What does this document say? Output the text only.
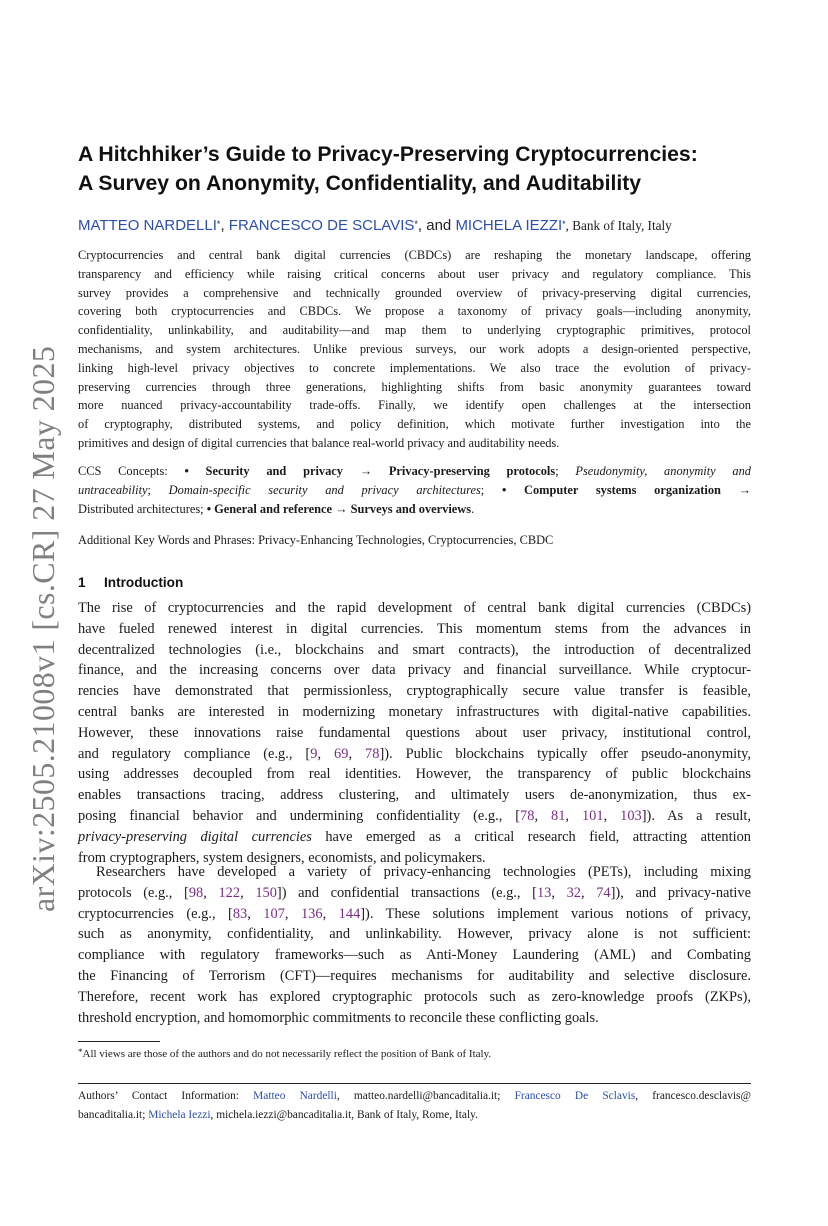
arXiv:2505.21008v1 [cs.CR] 27 May 2025
A Hitchhiker’s Guide to Privacy-Preserving Cryptocurrencies:
A Survey on Anonymity, Confidentiality, and Auditability
MATTEO NARDELLI*, FRANCESCO DE SCLAVIS*, and MICHELA IEZZI*, Bank of Italy, Italy
Cryptocurrencies and central bank digital currencies (CBDCs) are reshaping the monetary landscape, offering
transparency and efficiency while raising critical concerns about user privacy and regulatory compliance. This
survey provides a comprehensive and technically grounded overview of privacy-preserving digital currencies,
covering both cryptocurrencies and CBDCs. We propose a taxonomy of privacy goals—including anonymity,
confidentiality, unlinkability, and auditability—and map them to underlying cryptographic primitives, protocol
mechanisms, and system architectures. Unlike previous surveys, our work adopts a design-oriented perspective,
linking high-level privacy objectives to concrete implementations. We also trace the evolution of privacy-
preserving currencies through three generations, highlighting shifts from basic anonymity guarantees toward
more nuanced privacy-accountability trade-offs. Finally, we identify open challenges at the intersection
of cryptography, distributed systems, and policy definition, which motivate further investigation into the
primitives and design of digital currencies that balance real-world privacy and auditability needs.
CCS Concepts: • Security and privacy → Privacy-preserving protocols; Pseudonymity, anonymity and
untraceability; Domain-specific security and privacy architectures; • Computer systems organization →
Distributed architectures; • General and reference → Surveys and overviews.
Additional Key Words and Phrases: Privacy-Enhancing Technologies, Cryptocurrencies, CBDC
1 Introduction
The rise of cryptocurrencies and the rapid development of central bank digital currencies (CBDCs)
have fueled renewed interest in digital currencies. This momentum stems from the advances in
decentralized technologies (i.e., blockchains and smart contracts), the introduction of decentralized
finance, and the increasing concerns over data privacy and financial surveillance. While cryptocur-
rencies have demonstrated that permissionless, cryptographically secure value transfer is feasible,
central banks are interested in modernizing monetary infrastructures with digital-native capabilities.
However, these innovations raise fundamental questions about user privacy, institutional control,
and regulatory compliance (e.g., [9, 69, 78]). Public blockchains typically offer pseudo-anonymity,
using addresses decoupled from real identities. However, the transparency of public blockchains
enables transactions tracing, address clustering, and ultimately users de-anonymization, thus ex-
posing financial behavior and undermining confidentiality (e.g., [78, 81, 101, 103]). As a result,
privacy-preserving digital currencies have emerged as a critical research field, attracting attention
from cryptographers, system designers, economists, and policymakers.
Researchers have developed a variety of privacy-enhancing technologies (PETs), including mixing
protocols (e.g., [98, 122, 150]) and confidential transactions (e.g., [13, 32, 74]), and privacy-native
cryptocurrencies (e.g., [83, 107, 136, 144]). These solutions implement various notions of privacy,
such as anonymity, confidentiality, and unlinkability. However, privacy alone is not sufficient:
compliance with regulatory frameworks—such as Anti-Money Laundering (AML) and Combating
the Financing of Terrorism (CFT)—requires mechanisms for auditability and selective disclosure.
Therefore, recent work has explored cryptographic protocols such as zero-knowledge proofs (ZKPs),
threshold encryption, and homomorphic commitments to reconcile these conflicting goals.
*All views are those of the authors and do not necessarily reflect the position of Bank of Italy.
Authors’ Contact Information: Matteo Nardelli, matteo.nardelli@bancaditalia.it; Francesco De Sclavis, francesco.desclavis@
bancaditalia.it; Michela Iezzi, michela.iezzi@bancaditalia.it, Bank of Italy, Rome, Italy.
